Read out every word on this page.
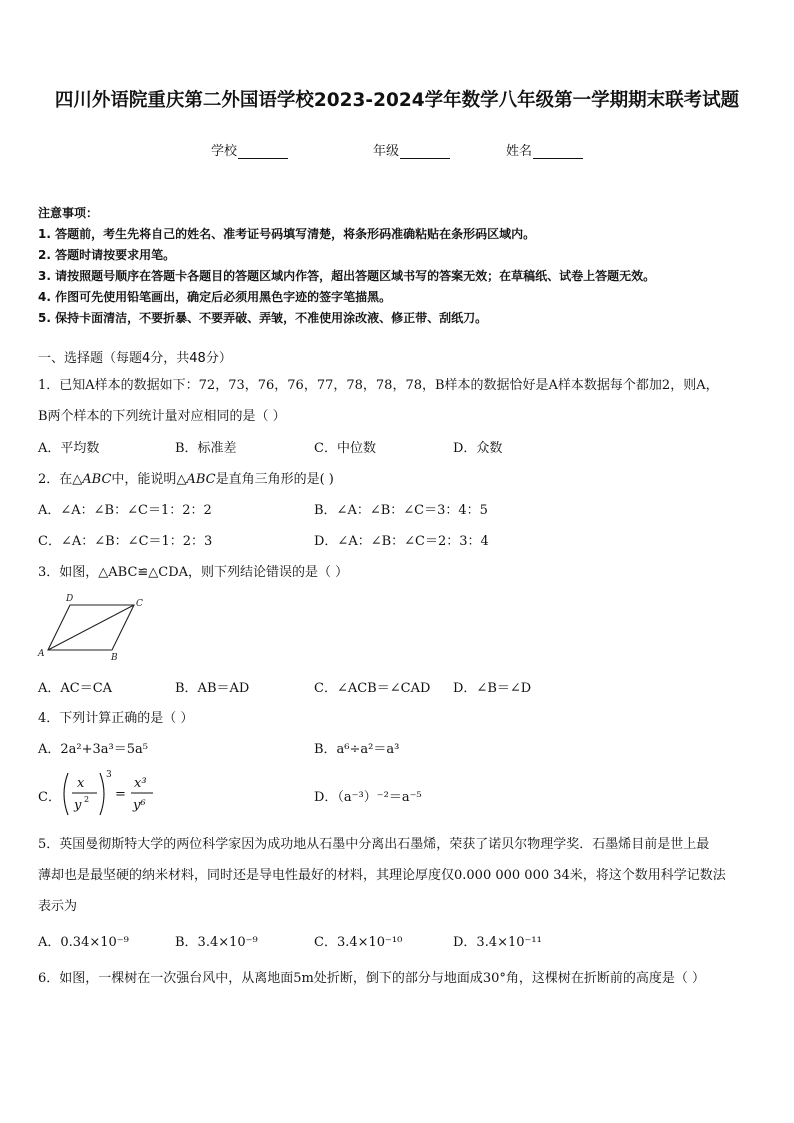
四川外语院重庆第二外国语学校2023-2024学年数学八年级第一学期期末联考试题
学校	年级	姓名
注意事项：
1. 答题前，考生先将自己的姓名、准考证号码填写清楚，将条形码准确粘贴在条形码区域内。
2. 答题时请按要求用笔。
3. 请按照题号顺序在答题卡各题目的答题区域内作答，超出答题区域书写的答案无效；在草稿纸、试卷上答题无效。
4. 作图可先使用铅笔画出，确定后必须用黑色字迹的签字笔描黑。
5. 保持卡面清洁，不要折暴、不要弄破、弄皱，不准使用涂改液、修正带、刮纸刀。
一、选择题（每题4分，共48分）
1．已知A样本的数据如下：72，73，76，76，77，78，78，78，B样本的数据恰好是A样本数据每个都加2，则A，
B两个样本的下列统计量对应相同的是（ ）
A．平均数	B．标准差	C．中位数	D．众数
2．在△ABC中，能说明△ABC是直角三角形的是( )
A．∠A：∠B：∠C＝1：2：2	B．∠A：∠B：∠C＝3：4：5
C．∠A：∠B：∠C＝1：2：3	D．∠A：∠B：∠C＝2：3：4
3．如图，△ABC≌△CDA，则下列结论错误的是（ ）
A	B
C
D
A．AC＝CA	B．AB＝AD	C．∠ACB＝∠CAD D．∠B＝∠D
4．下列计算正确的是（ ）
A．2a²+3a³＝5a⁵	B．a⁶÷a²＝a³
C．
x
y 2
3
=
x³
y⁶
D．（a⁻³）⁻²＝a⁻⁵
5．英国曼彻斯特大学的两位科学家因为成功地从石墨中分离出石墨烯，荣获了诺贝尔物理学奖．石墨烯目前是世上最
薄却也是最坚硬的纳米材料，同时还是导电性最好的材料，其理论厚度仅0.000 000 000 34米，将这个数用科学记数法
表示为
A．0.34×10⁻⁹	B．3.4×10⁻⁹	C．3.4×10⁻¹⁰	D．3.4×10⁻¹¹
6．如图，一棵树在一次强台风中，从离地面5m处折断，倒下的部分与地面成30°角，这棵树在折断前的高度是（ ）
